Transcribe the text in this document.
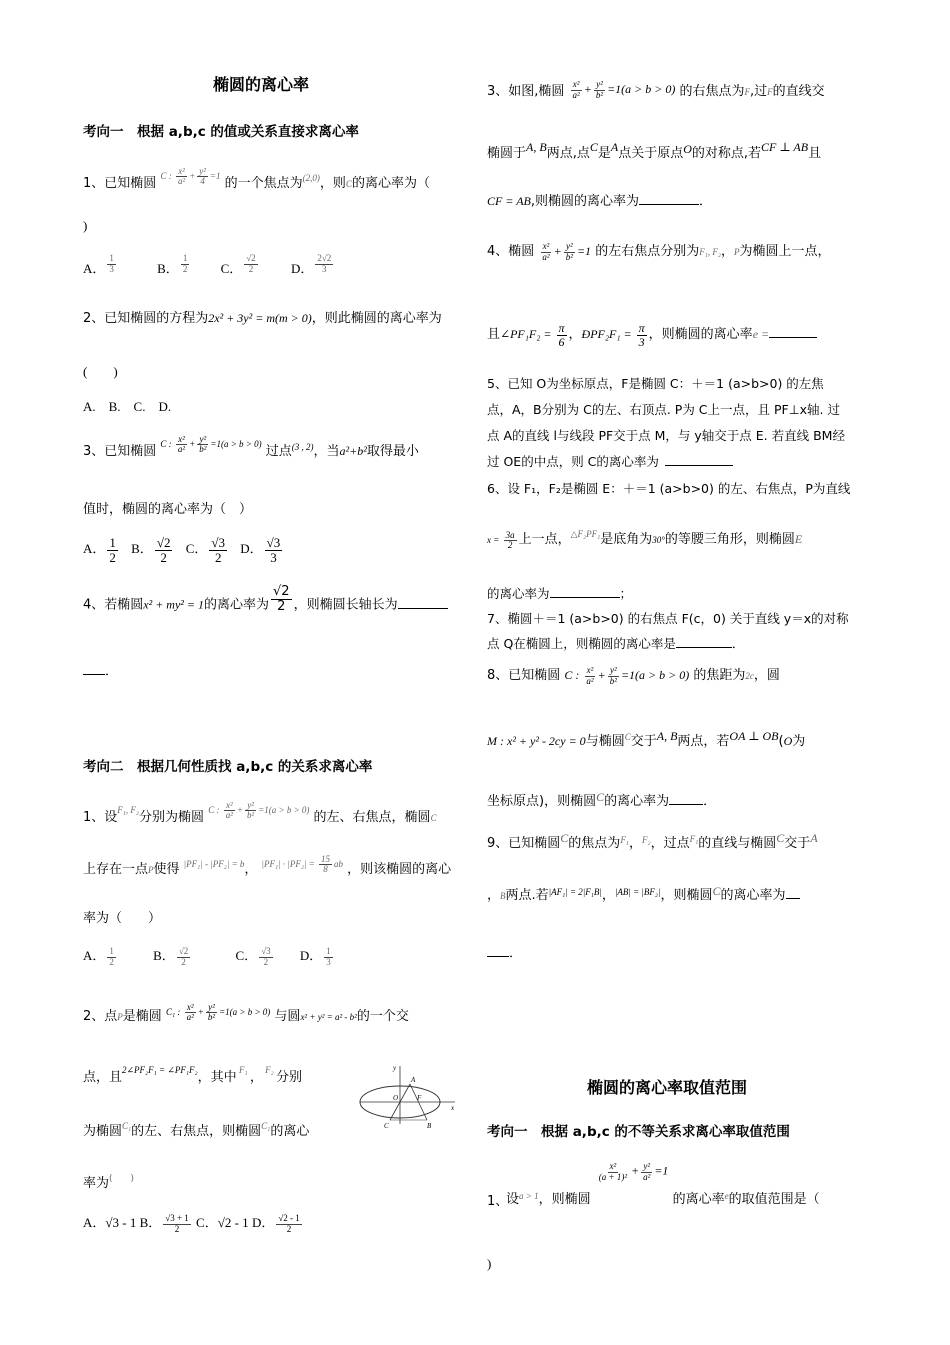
椭圆的离心率
考向一　根据 a,b,c 的值或关系直接求离心率
1、已知椭圆 $^{C : \frac{\text{x²}}{\text{a²}} + \frac{\text{y²}}{4} =1}$ 的一个焦点为$^{(2,0)}$，则C的离心率为（
)
A． $\frac{1}{3}$	B． $\frac{1}{2}$ C． $\frac{√2}{2}$	D． $\frac{2√2}{3}$
2、已知椭圆的方程为2x² + 3y² = m(m > 0)，则此椭圆的离心率为
(　　)
A.　B.　C.　D.
3、已知椭圆 $^{C : \frac{\text{x²}}{\text{a²}} + \frac{\text{y²}}{\text{b²}} =1(a > b > 0)}$ 过点$^{(3 , 2)}$，当a²+b²取得最小
值时，椭圆的离心率为（　）
A． $\frac{1}{2}$ B． $\frac{√2}{2}$ C． $\frac{√3}{2}$ D． $\frac{√3}{3}$
4、若椭圆x² + my² = 1的离心率为 $\frac{√2}{2}$ ，则椭圆长轴长为
．
考向二　根据几何性质找 a,b,c 的关系求离心率
1、设$^{F_1, F_2}$分别为椭圆 $^{C : \frac{\text{x²}}{\text{a²}} + \frac{\text{y²}}{\text{b²}} =1(a > b > 0)}$ 的左、右焦点，椭圆C
上存在一点P使得 $^{|PF_1| - |PF_2| = b}$， $^{|PF_1| \cdot |PF_2| = \frac{15}{8} ab}$ ，则该椭圆的离心
率为（　　）
A． $\frac{1}{2}$	B． $\frac{√2}{2}$	C． $\frac{√3}{2}$ D． $\frac{1}{3}$
2、点P是椭圆 $^{C_1 : \frac{\text{x²}}{\text{a²}} + \frac{\text{y²}}{\text{b²}} =1(a > b > 0)}$ 与圆x² + y² = a² - b²的一个交
点，且$^{2\angle PF_2F_1 = \angle PF_1F_2}$，其中 $^{F_1}$ ， $^{F_2}$ 分别
为椭圆$^{C_1}$的左、右焦点，则椭圆$^{C_1}$的离心
率为(　　)
A．√3 - 1 B． $\frac{√3 + 1}{2}$ C．√2 - 1 D． $\frac{√2 - 1}{2}$
y
A
O	F
x
C	B
3、如图,椭圆 $\frac{\text{x²}}{\text{a²}} + \frac{\text{y²}}{\text{b²}} =1(a > b > 0)$ 的右焦点为F,过F的直线交
椭圆于A, B两点,点C是A点关于原点O的对称点,若CF ⊥ AB且
CF = AB,则椭圆的离心率为	．
4、椭圆 $\frac{\text{x²}}{\text{a²}} + \frac{\text{y²}}{\text{b²}} =1$ 的左右焦点分别为F₁, F₂，P为椭圆上一点，
且∠PF₁F₂ = $\frac{\pi}{6}$ ，ÐPF₂F₁ = $\frac{\pi}{3}$ ，则椭圆的离心率e =
5、已知 O为坐标原点，F是椭圆 C：＋＝1 (a>b>0) 的左焦
点，A，B分别为 C的左、右顶点. P为 C上一点，且 PF⊥x轴. 过
点 A的直线 l与线段 PF交于点 M，与 y轴交于点 E. 若直线 BM经
过 OE的中点，则 C的离心率为
6、设 F₁，F₂是椭圆 E：＋＝1 (a>b>0) 的左、右焦点，P为直线
$x = \frac{3a}{2}$ 上一点，$^{\triangle F_2PF_1}$是底角为30°的等腰三角形，则椭圆E
的离心率为	；
7、椭圆＋＝1 (a>b>0) 的右焦点 F(c，0) 关于直线 y＝x的对称
点 Q在椭圆上，则椭圆的离心率是	．
8、已知椭圆 C : $\frac{\text{x²}}{\text{a²}} + \frac{\text{y²}}{\text{b²}} =1(a > b > 0)$ 的焦距为2c，圆
M : x² + y² - 2cy = 0与椭圆$^C$交于A, B两点，若OA ⊥ OB(O为
坐标原点)，则椭圆C的离心率为	．
9、已知椭圆C的焦点为$^{F_1}$，$^{F_2}$，过点$^{F_1}$的直线与椭圆C交于A
，B两点.若$^{|AF_1| = 2|F_1B|}$，$^{|AB| = |BF_2|}$，则椭圆C的离心率为
．
椭圆的离心率取值范围
考向一　根据 a,b,c 的不等关系求离心率取值范围
1、
设$_{a > 1}$，则椭圆
$\frac{\text{x²}}{\text{(a + 1)²}} + \frac{\text{y²}}{\text{a²}} =1$ 的离心率$_e$的取值范围是（
)
